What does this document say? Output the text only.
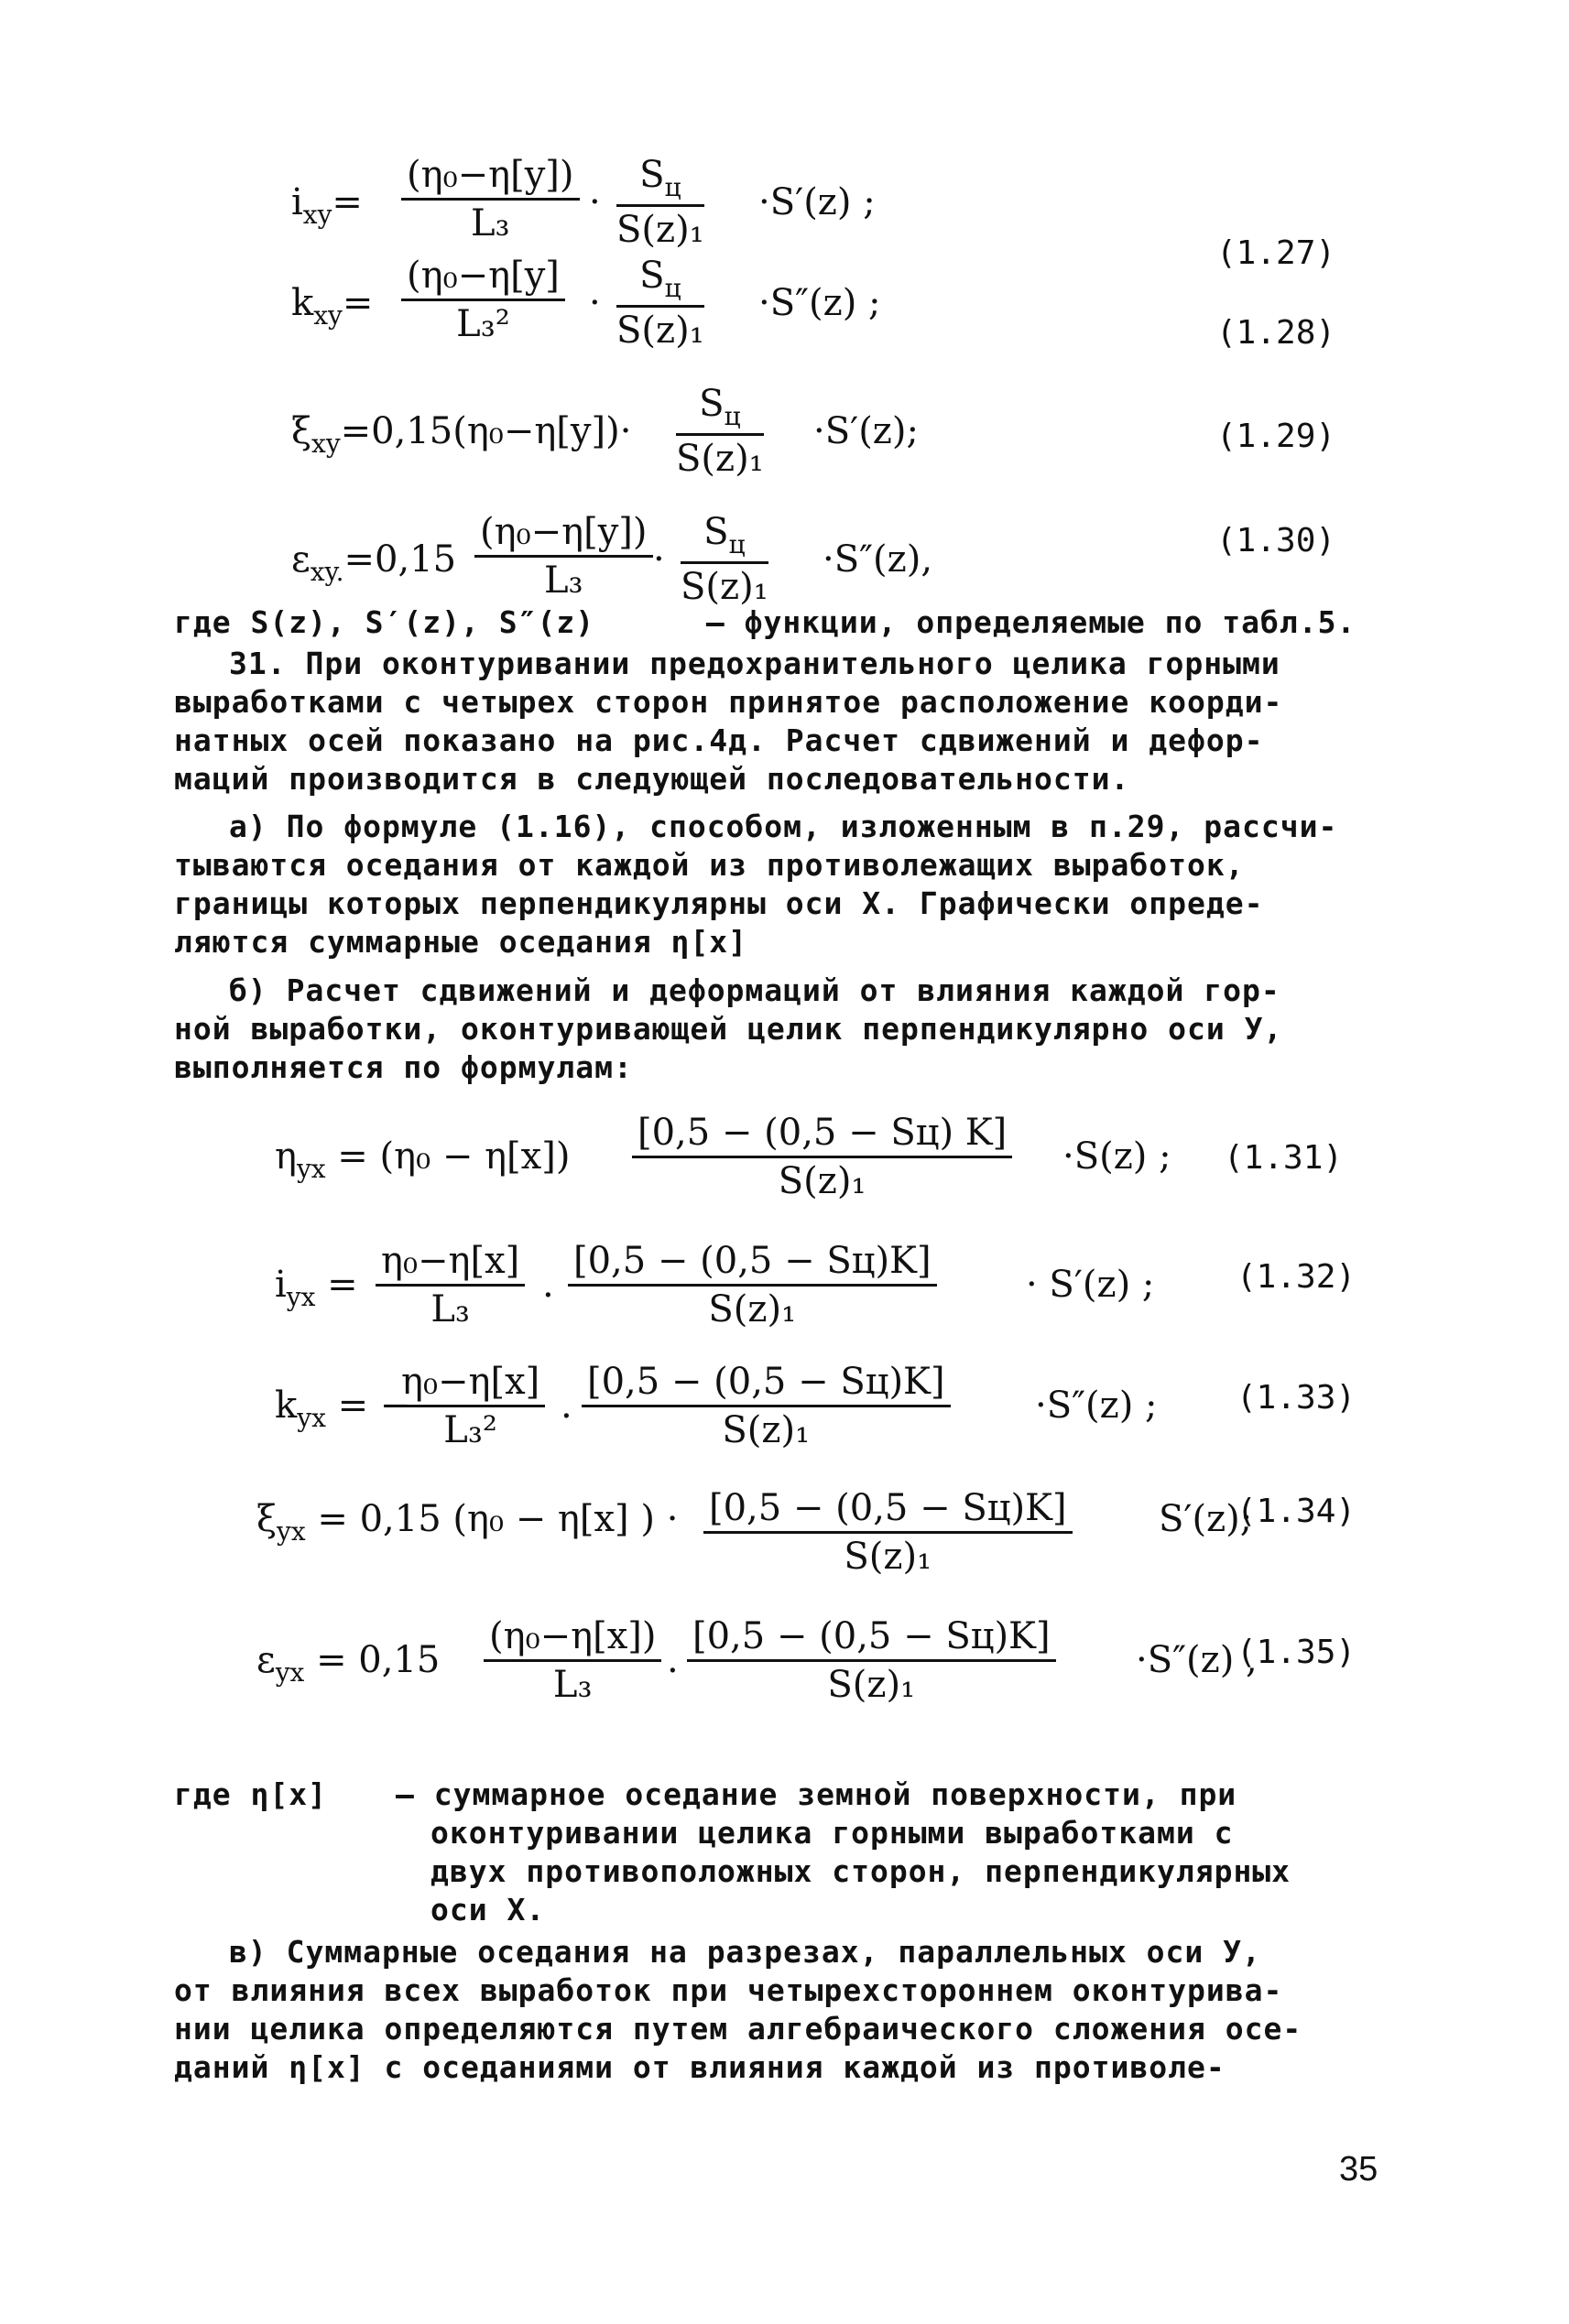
$i_{xy}= \frac{\text{(η₀−η[y])}}{\text{L₃}}$ ·
$S_ц$
S(z)₁
·S′(z) ;
(1.27)
$k_{xy}= \frac{\text{(η₀−η[y]}}{\text{L₃²}}$ ·
$S_ц$
S(z)₁
·S″(z) ;
(1.28)
$\xi_{xy}=0,15(\eta_0-\eta[y])\cdot$
$S_ц$
S(z)₁
·S′(z);	(1.29)
$\varepsilon_{xy.}=0,15 \frac{\text{(η₀−η[y])}}{\text{L₃}}$ ·
$S_ц$
S(z)₁
·S″(z),	(1.30)
где S(z), S′(z), S″(z)	– функции, определяемые по табл.5.
31. При оконтуривании предохранительного целика горными
выработками с четырех сторон принятое расположение коорди-
натных осей показано на рис.4д. Расчет сдвижений и дефор-
маций производится в следующей последовательности.
а) По формуле (1.16), способом, изложенным в п.29, рассчи-
тываются оседания от каждой из противолежащих выработок,
границы которых перпендикулярны оси X. Графически опреде-
ляются суммарные оседания η[x]
б) Расчет сдвижений и деформаций от влияния каждой гор-
ной выработки, оконтуривающей целик перпендикулярно оси У,
выполняется по формулам:
$\eta_{yx} = (\eta_0 - \eta[x])$
[0,5 − (0,5 − Sц) K]
S(z)₁
·S(z) ; (1.31)
$i_{yx} = \frac{\text{η₀−η[x]}}{\text{L₃}}$ .
[0,5 − (0,5 − Sц)K]
S(z)₁
· S′(z) ; (1.32)
$k_{yx}$ = −
$\frac{\text{η₀−η[x]}}{\text{L₃²}}$ .
[0,5 − (0,5 − Sц)K]
S(z)₁
·S″(z) ; (1.33)
$\xi_{yx} = 0,15$ (η₀ − η[x] ) · [0,5 − (0,5 − Sц)K]
S(z)₁
S′(z);
(1.34)
$\varepsilon_{yx} = 0,15 \frac{\text{(η₀−η[x])}}{\text{L₃}}$ .
[0,5 − (0,5 − Sц)K]
S(z)₁
·S″(z) ,
(1.35)
где η[x] – суммарное оседание земной поверхности, при
оконтуривании целика горными выработками с
двух противоположных сторон, перпендикулярных
оси X.
в) Суммарные оседания на разрезах, параллельных оси У,
от влияния всех выработок при четырехстороннем оконтурива-
нии целика определяются путем алгебраического сложения осе-
даний η[x] с оседаниями от влияния каждой из противоле-
35
